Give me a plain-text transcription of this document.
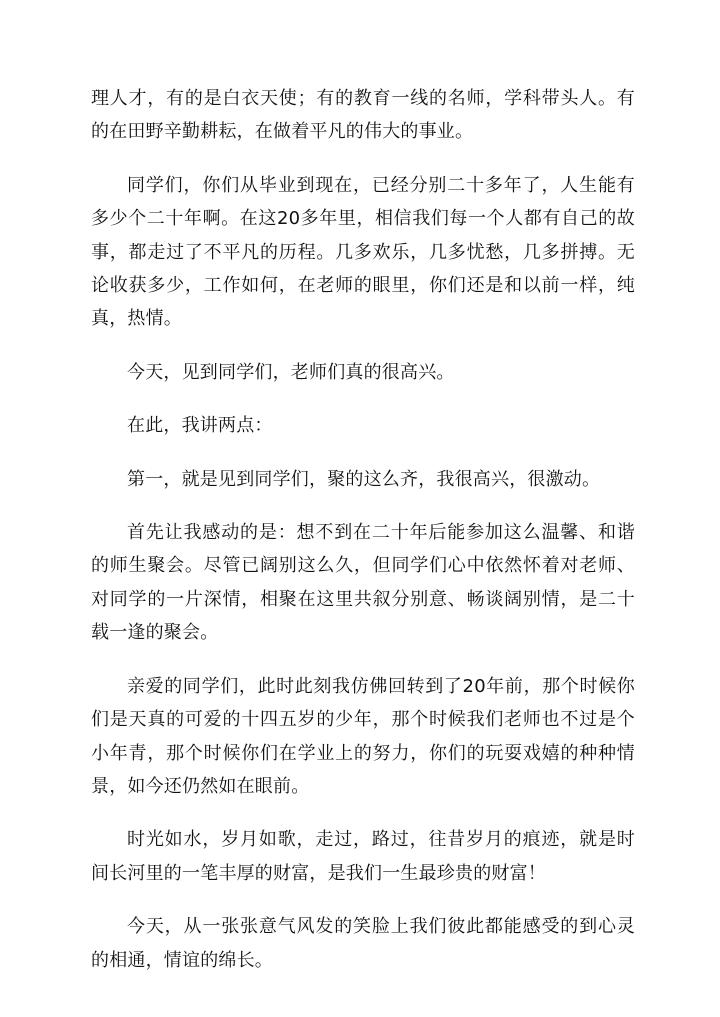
理人才，有的是白衣天使；有的教育一线的名师，学科带头人。有的在田野辛勤耕耘，在做着平凡的伟大的事业。

同学们，你们从毕业到现在，已经分别二十多年了，人生能有多少个二十年啊。在这20多年里，相信我们每一个人都有自己的故事，都走过了不平凡的历程。几多欢乐，几多忧愁，几多拼搏。无论收获多少，工作如何，在老师的眼里，你们还是和以前一样，纯真，热情。

今天，见到同学们，老师们真的很高兴。

在此，我讲两点：

第一，就是见到同学们，聚的这么齐，我很高兴，很激动。

首先让我感动的是：想不到在二十年后能参加这么温馨、和谐的师生聚会。尽管已阔别这么久，但同学们心中依然怀着对老师、对同学的一片深情，相聚在这里共叙分别意、畅谈阔别情，是二十载一逢的聚会。

亲爱的同学们，此时此刻我仿佛回转到了20年前，那个时候你们是天真的可爱的十四五岁的少年，那个时候我们老师也不过是个小年青，那个时候你们在学业上的努力，你们的玩耍戏嬉的种种情景，如今还仍然如在眼前。

时光如水，岁月如歌，走过，路过，往昔岁月的痕迹，就是时间长河里的一笔丰厚的财富，是我们一生最珍贵的财富！

今天，从一张张意气风发的笑脸上我们彼此都能感受的到心灵的相通，情谊的绵长。
